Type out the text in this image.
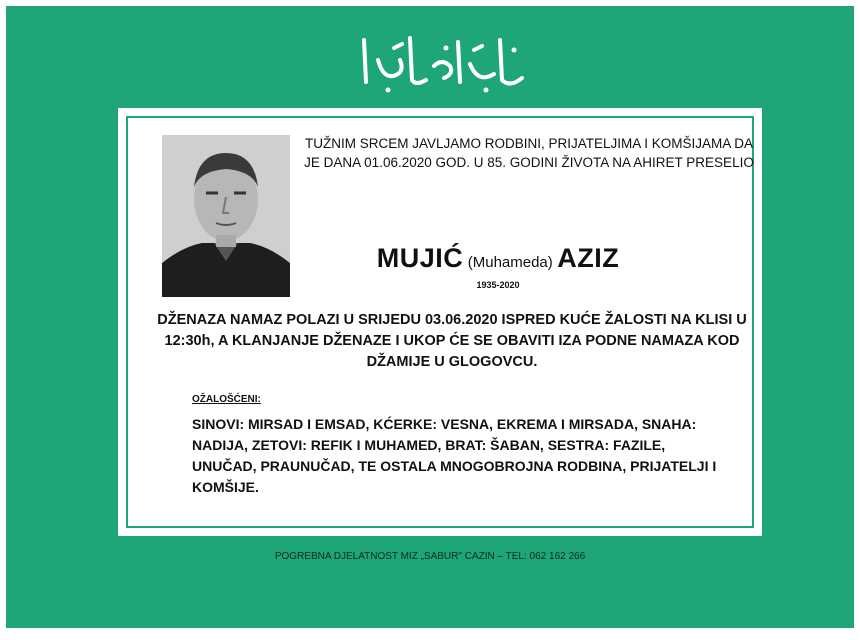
TUŽNIM SRCEM JAVLJAMO RODBINI, PRIJATELJIMA I KOMŠIJAMA DA JE DANA 01.06.2020 GOD. U 85. GODINI ŽIVOTA NA AHIRET PRESELIO
MUJIĆ (Muhameda) AZIZ
1935-2020
DŽENAZA NAMAZ POLAZI U SRIJEDU 03.06.2020 ISPRED KUĆE ŽALOSTI NA KLISI U 12:30h, A KLANJANJE DŽENAZE I UKOP ĆE SE OBAVITI IZA PODNE NAMAZA KOD DŽAMIJE U GLOGOVCU.
OŽALOŠĆENI:
SINOVI: MIRSAD I EMSAD, KĆERKE: VESNA, EKREMA I MIRSADA, SNAHA: NADIJA, ZETOVI: REFIK I MUHAMED, BRAT: ŠABAN, SESTRA: FAZILE, UNUČAD, PRAUNUČAD, TE OSTALA MNOGOBROJNA RODBINA, PRIJATELJI I KOMŠIJE.
POGREBNA DJELATNOST MIZ „SABUR" CAZIN – TEL: 062 162 266
